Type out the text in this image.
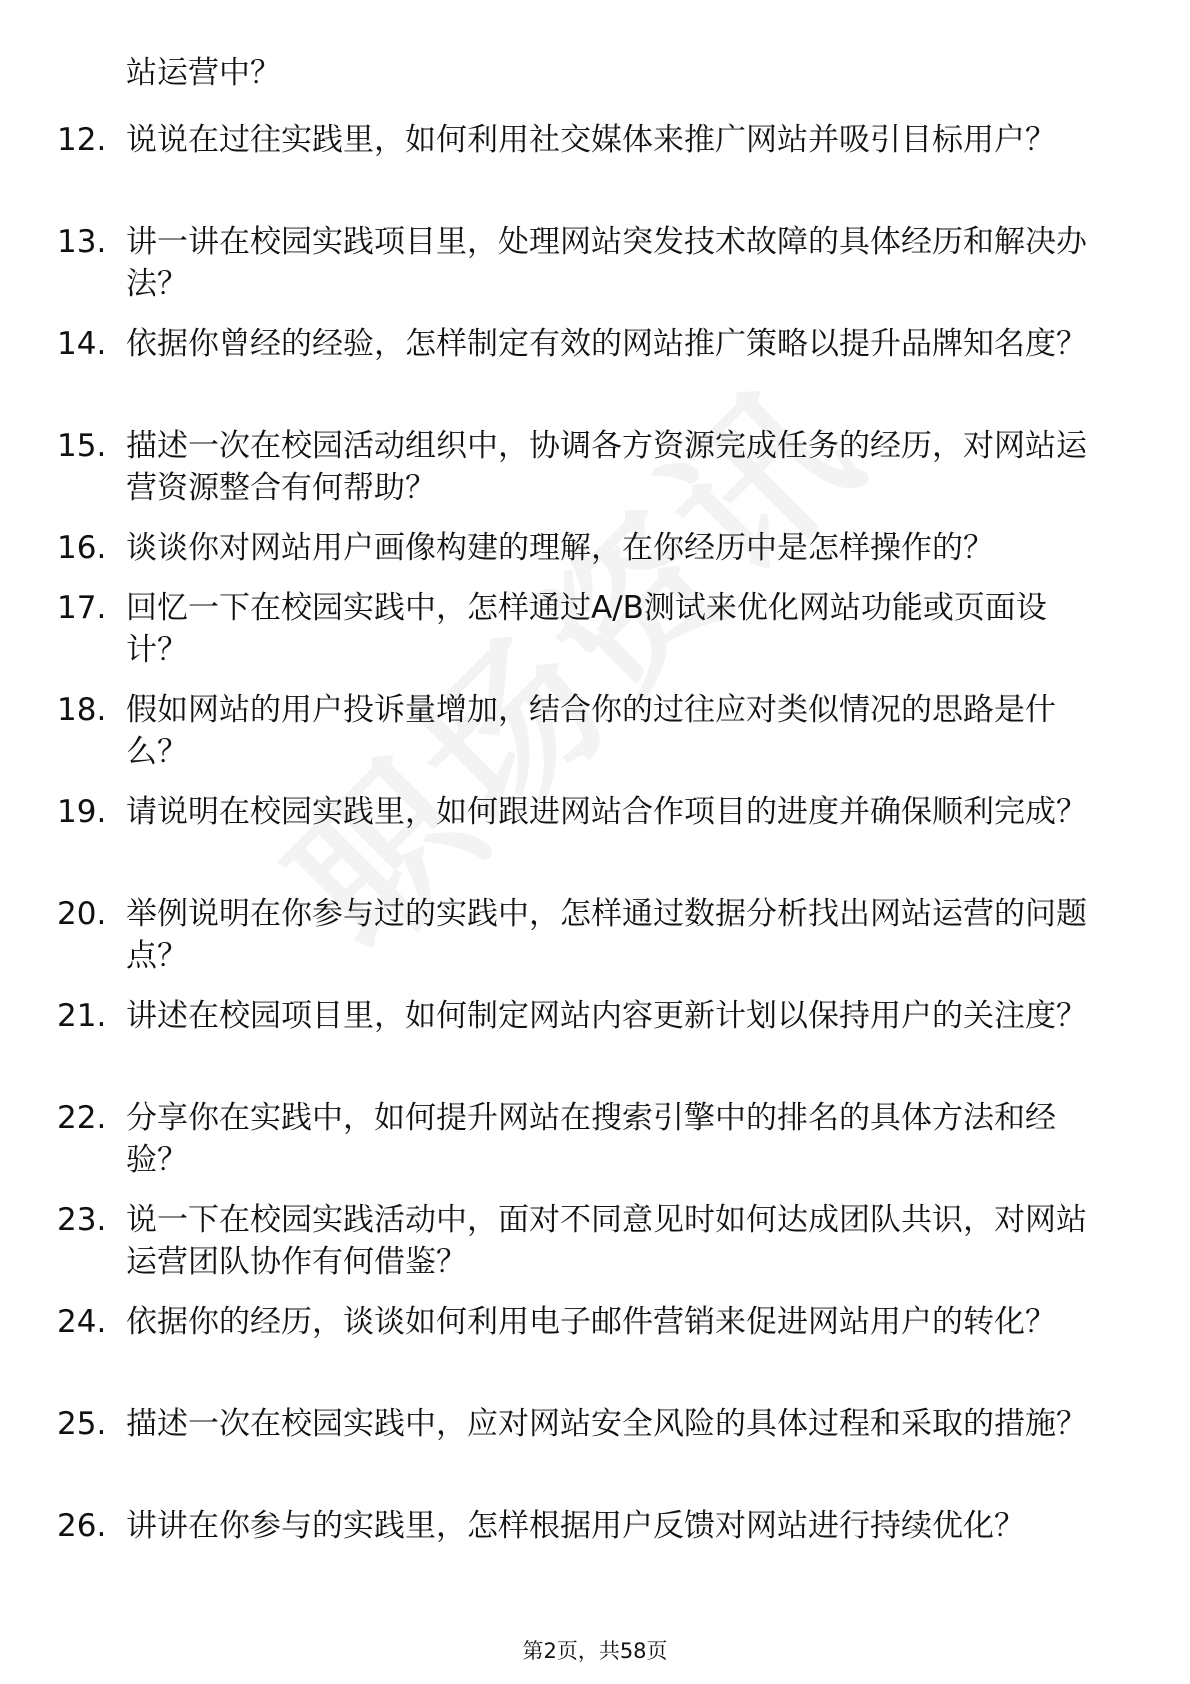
站运营中？
12. 说说在过往实践里，如何利用社交媒体来推广网站并吸引目标用户？
13. 讲一讲在校园实践项目里，处理网站突发技术故障的具体经历和解决办法？
14. 依据你曾经的经验，怎样制定有效的网站推广策略以提升品牌知名度？
15. 描述一次在校园活动组织中，协调各方资源完成任务的经历，对网站运营资源整合有何帮助？
16. 谈谈你对网站用户画像构建的理解，在你经历中是怎样操作的？
17. 回忆一下在校园实践中，怎样通过A/B测试来优化网站功能或页面设计？
18. 假如网站的用户投诉量增加，结合你的过往应对类似情况的思路是什么？
19. 请说明在校园实践里，如何跟进网站合作项目的进度并确保顺利完成？
20. 举例说明在你参与过的实践中，怎样通过数据分析找出网站运营的问题点？
21. 讲述在校园项目里，如何制定网站内容更新计划以保持用户的关注度？
22. 分享你在实践中，如何提升网站在搜索引擎中的排名的具体方法和经验？
23. 说一下在校园实践活动中，面对不同意见时如何达成团队共识，对网站运营团队协作有何借鉴？
24. 依据你的经历，谈谈如何利用电子邮件营销来促进网站用户的转化？
25. 描述一次在校园实践中，应对网站安全风险的具体过程和采取的措施？
26. 讲讲在你参与的实践里，怎样根据用户反馈对网站进行持续优化？
第2页，共58页
